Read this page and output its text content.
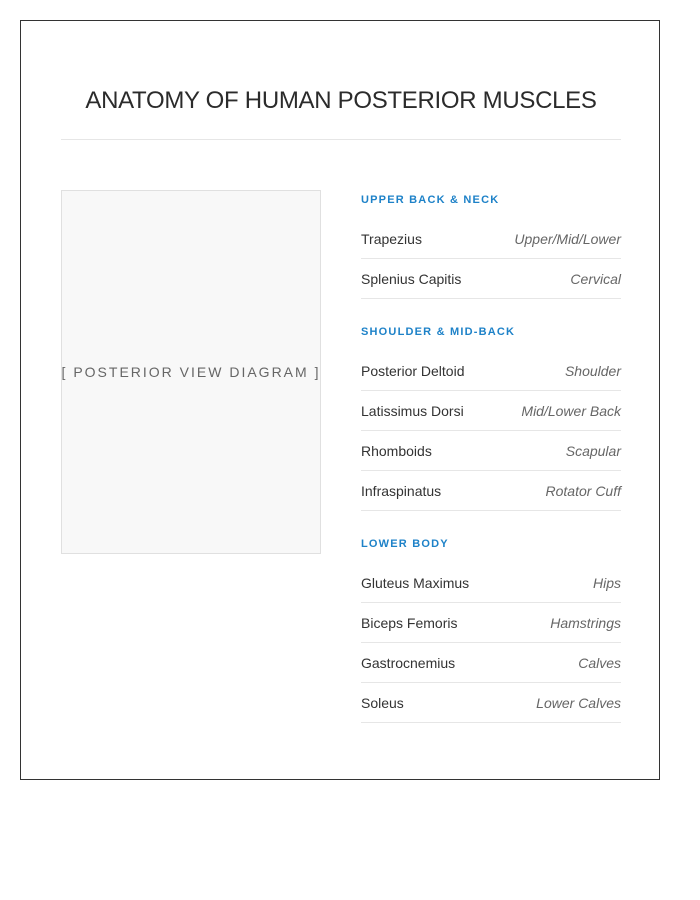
ANATOMY OF HUMAN POSTERIOR MUSCLES
[ POSTERIOR VIEW DIAGRAM ]
UPPER BACK & NECK
Trapezius	Upper/Mid/Lower
Splenius Capitis	Cervical
SHOULDER & MID-BACK
Posterior Deltoid	Shoulder
Latissimus Dorsi	Mid/Lower Back
Rhomboids	Scapular
Infraspinatus	Rotator Cuff
LOWER BODY
Gluteus Maximus	Hips
Biceps Femoris	Hamstrings
Gastrocnemius	Calves
Soleus	Lower Calves
